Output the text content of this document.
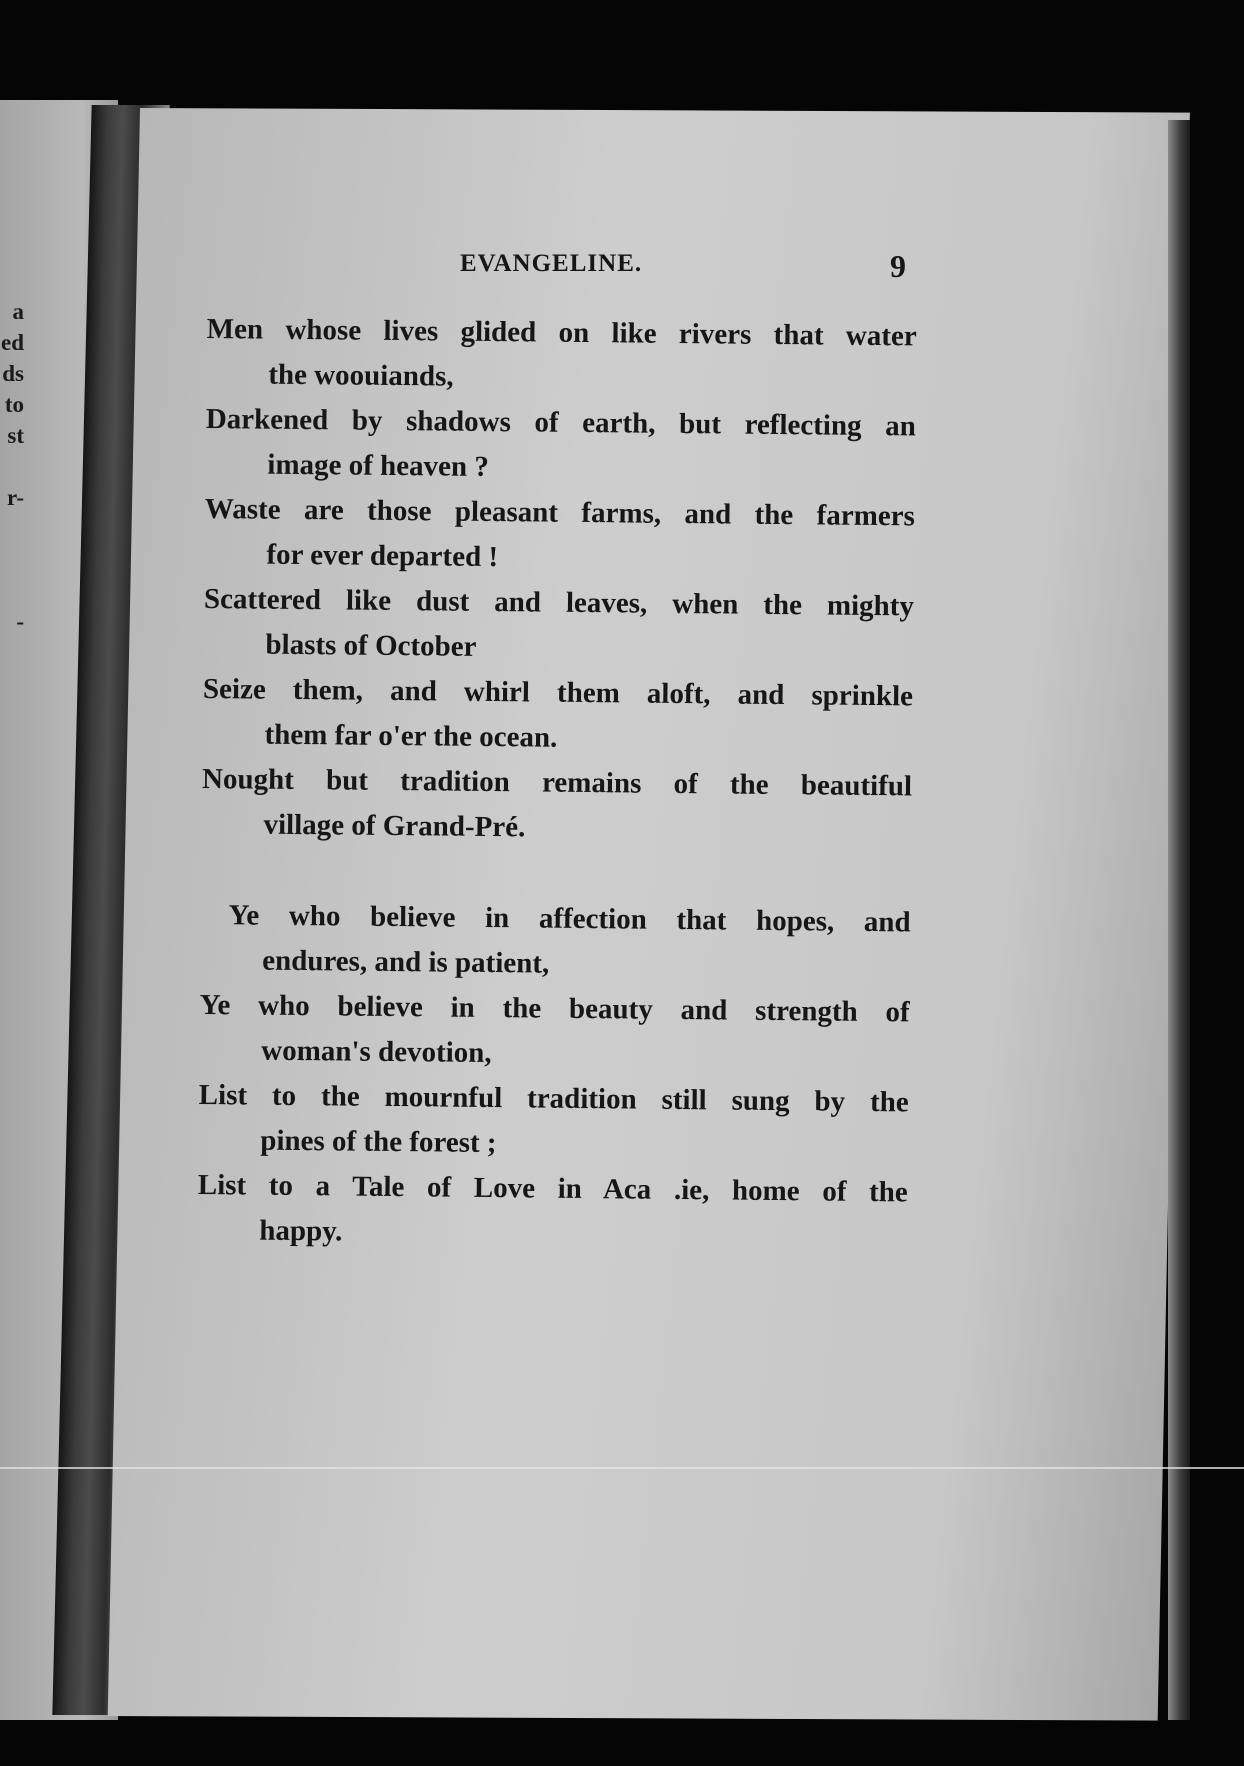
a
ed
ds
to
st
r-
-
EVANGELINE.	9
Men whose lives glided on like rivers that water
the woouiands,
Darkened by shadows of earth, but reflecting an
image of heaven ?
Waste are those pleasant farms, and the farmers
for ever departed !
Scattered like dust and leaves, when the mighty
blasts of October
Seize them, and whirl them aloft, and sprinkle
them far o'er the ocean.
Nought but tradition remains of the beautiful
village of Grand-Pré.
Ye who believe in affection that hopes, and
endures, and is patient,
Ye who believe in the beauty and strength of
woman's devotion,
List to the mournful tradition still sung by the
pines of the forest ;
List to a Tale of Love in Aca .ie, home of the
happy.
